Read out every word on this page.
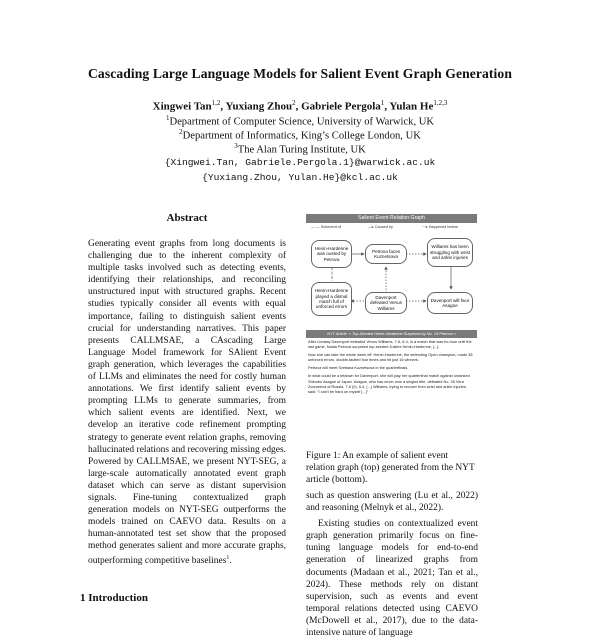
Cascading Large Language Models for Salient Event Graph Generation
Xingwei Tan$^{1,2}$, Yuxiang Zhou$^2$, Gabriele Pergola$^1$, Yulan He$^{1,2,3}$
$^1$Department of Computer Science, University of Warwick, UK
$^2$Department of Informatics, King’s College London, UK
$^3$The Alan Turing Institute, UK
{Xingwei.Tan, Gabriele.Pergola.1}@warwick.ac.uk
{Yuxiang.Zhou, Yulan.He}@kcl.ac.uk
Abstract
Generating event graphs from long documents is challenging due to the inherent complexity of multiple tasks involved such as detecting events, identifying their relationships, and reconciling unstructured input with structured graphs. Recent studies typically consider all events with equal importance, failing to distinguish salient events crucial for understanding narratives. This paper presents CALLMSAE, a CAscading Large Language Model framework for SAlient Event graph generation, which leverages the capabilities of LLMs and eliminates the need for costly human annotations. We first identify salient events by prompting LLMs to generate summaries, from which salient events are identified. Next, we develop an iterative code refinement prompting strategy to generate event relation graphs, removing hallucinated relations and recovering missing edges. Powered by CALLMSAE, we present NYT-SEG, a large-scale automatically annotated event graph dataset which can serve as distant supervision signals. Fine-tuning contextualized graph generation models on NYT-SEG outperforms the models trained on CAEVO data. Results on a human-annotated test set show that the proposed method generates salient and more accurate graphs, outperforming competitive baselines$^1$.
1 Introduction
Salient Event Relation Graph
— — Subevent of	—▸ Caused by	⋯▸ Happened before
Henin-Hardenne was ousted by Petrova
Petrova faces Kuznetsova
Williams has been struggling with wrist and ankle injuries
Henin-Hardenne played a dismal match full of unforced errors
Davenport defeated Venus Williams
Davenport will face Asagoe
NYT Article: « Top-Seeded Henin-Hardenne Surprised by No. 14 Petrova »
After Lindsay Davenport defeated Venus Williams, 7-6, 6-4, in a match that was ho-hum until the last game, Nadia Petrova surprised top-seeded Justine Henin-Hardenne, [...].
Now she can take the whole week off. Henin-Hardenne, the defending Open champion, made 38 unforced errors, double-faulted four times and hit just 16 winners.
Petrova will meet Svetlana Kuznetsova in the quarterfinals.
In what could be a letdown for Davenport, she will play her quarterfinal match against unranked Shinobu Asagoe of Japan. Asagoe, who has never won a singles title, defeated No. 28 Vera Zvonareva of Russia, 7-6 (0), 6-4. [...] Williams, trying to recover from wrist and ankle injuries, said: "I can't be hard on myself [...]"
Figure 1: An example of salient event relation graph (top) generated from the NYT article (bottom).

such as question answering (Lu et al., 2022) and reasoning (Melnyk et al., 2022).

Existing studies on contextualized event graph generation primarily focus on fine-tuning language models for end-to-end generation of linearized graphs from documents (Madaan et al., 2021; Tan et al., 2024). These methods rely on distant supervision, such as events and event temporal relations detected using CAEVO (McDowell et al., 2017), due to the data-intensive nature of language
